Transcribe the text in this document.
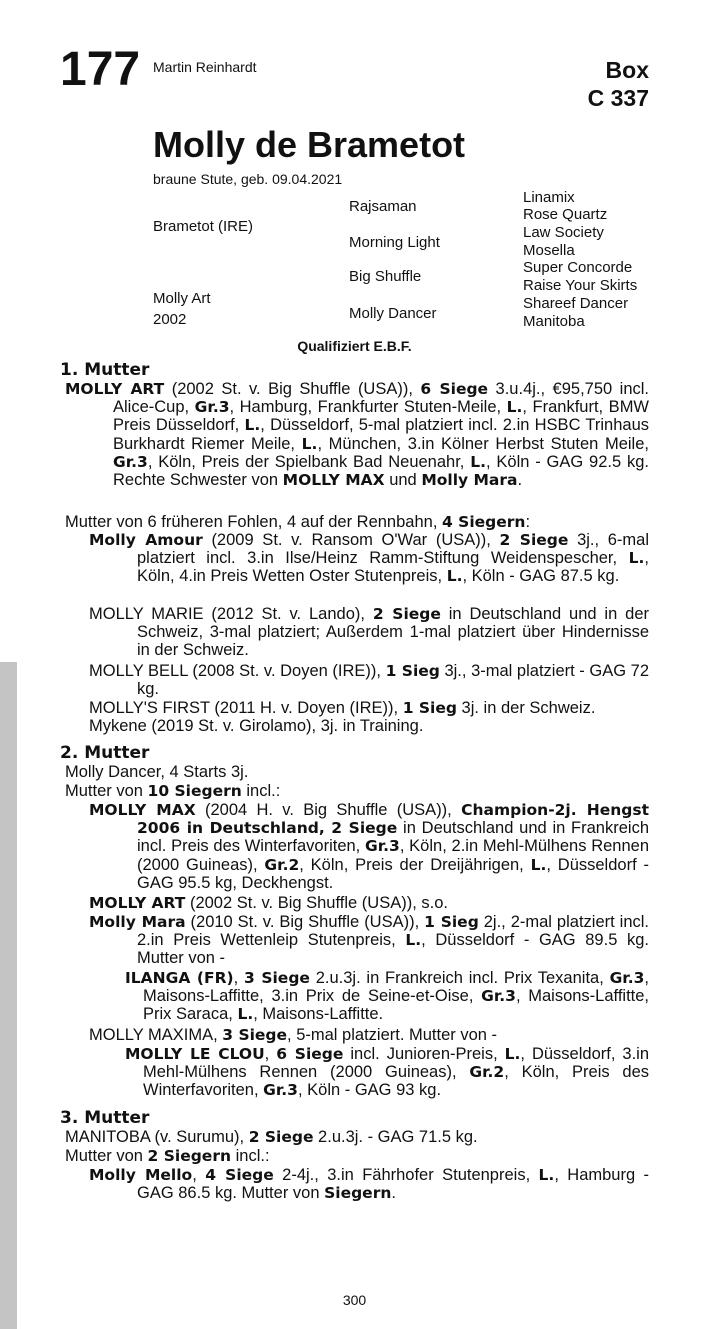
177 Martin Reinhardt	Box
C 337
Molly de Brametot
braune Stute, geb. 09.04.2021
Brametot (IRE)
Molly Art
2002
Rajsaman
Morning Light
Big Shuffle
Molly Dancer
Linamix
Rose Quartz
Law Society
Mosella
Super Concorde
Raise Your Skirts
Shareef Dancer
Manitoba
Qualifiziert E.B.F.
1. Mutter
MOLLY ART (2002 St. v. Big Shuffle (USA)), 6 Siege 3.u.4j., €95,750 incl. Alice-Cup, Gr.3, Hamburg, Frankfurter Stuten-Meile, L., Frankfurt, BMW Preis Düsseldorf, L., Düsseldorf, 5-mal platziert incl. 2.in HSBC Trinhaus Burkhardt Riemer Meile, L., München, 3.in Kölner Herbst Stuten Meile, Gr.3, Köln, Preis der Spielbank Bad Neuenahr, L., Köln - GAG 92.5 kg. Rechte Schwester von MOLLY MAX und Molly Mara.
Mutter von 6 früheren Fohlen, 4 auf der Rennbahn, 4 Siegern:
Molly Amour (2009 St. v. Ransom O'War (USA)), 2 Siege 3j., 6-mal platziert incl. 3.in Ilse/Heinz Ramm-Stiftung Weidenspescher, L., Köln, 4.in Preis Wetten Oster Stutenpreis, L., Köln - GAG 87.5 kg.
MOLLY MARIE (2012 St. v. Lando), 2 Siege in Deutschland und in der Schweiz, 3-mal platziert; Außerdem 1-mal platziert über Hindernisse in der Schweiz.
MOLLY BELL (2008 St. v. Doyen (IRE)), 1 Sieg 3j., 3-mal platziert - GAG 72 kg.
MOLLY'S FIRST (2011 H. v. Doyen (IRE)), 1 Sieg 3j. in der Schweiz.
Mykene (2019 St. v. Girolamo), 3j. in Training.
2. Mutter
Molly Dancer, 4 Starts 3j.
Mutter von 10 Siegern incl.:
MOLLY MAX (2004 H. v. Big Shuffle (USA)), Champion-2j. Hengst 2006 in Deutschland, 2 Siege in Deutschland und in Frankreich incl. Preis des Winterfavoriten, Gr.3, Köln, 2.in Mehl-Mülhens Rennen (2000 Guineas), Gr.2, Köln, Preis der Dreijährigen, L., Düsseldorf - GAG 95.5 kg, Deckhengst.
MOLLY ART (2002 St. v. Big Shuffle (USA)), s.o.
Molly Mara (2010 St. v. Big Shuffle (USA)), 1 Sieg 2j., 2-mal platziert incl. 2.in Preis Wettenleip Stutenpreis, L., Düsseldorf - GAG 89.5 kg. Mutter von -
ILANGA (FR), 3 Siege 2.u.3j. in Frankreich incl. Prix Texanita, Gr.3, Maisons-Laffitte, 3.in Prix de Seine-et-Oise, Gr.3, Maisons-Laffitte, Prix Saraca, L., Maisons-Laffitte.
MOLLY MAXIMA, 3 Siege, 5-mal platziert. Mutter von -
MOLLY LE CLOU, 6 Siege incl. Junioren-Preis, L., Düsseldorf, 3.in Mehl-Mülhens Rennen (2000 Guineas), Gr.2, Köln, Preis des Winterfavoriten, Gr.3, Köln - GAG 93 kg.
3. Mutter
MANITOBA (v. Surumu), 2 Siege 2.u.3j. - GAG 71.5 kg.
Mutter von 2 Siegern incl.:
Molly Mello, 4 Siege 2-4j., 3.in Fährhofer Stutenpreis, L., Hamburg - GAG 86.5 kg. Mutter von Siegern.
300
